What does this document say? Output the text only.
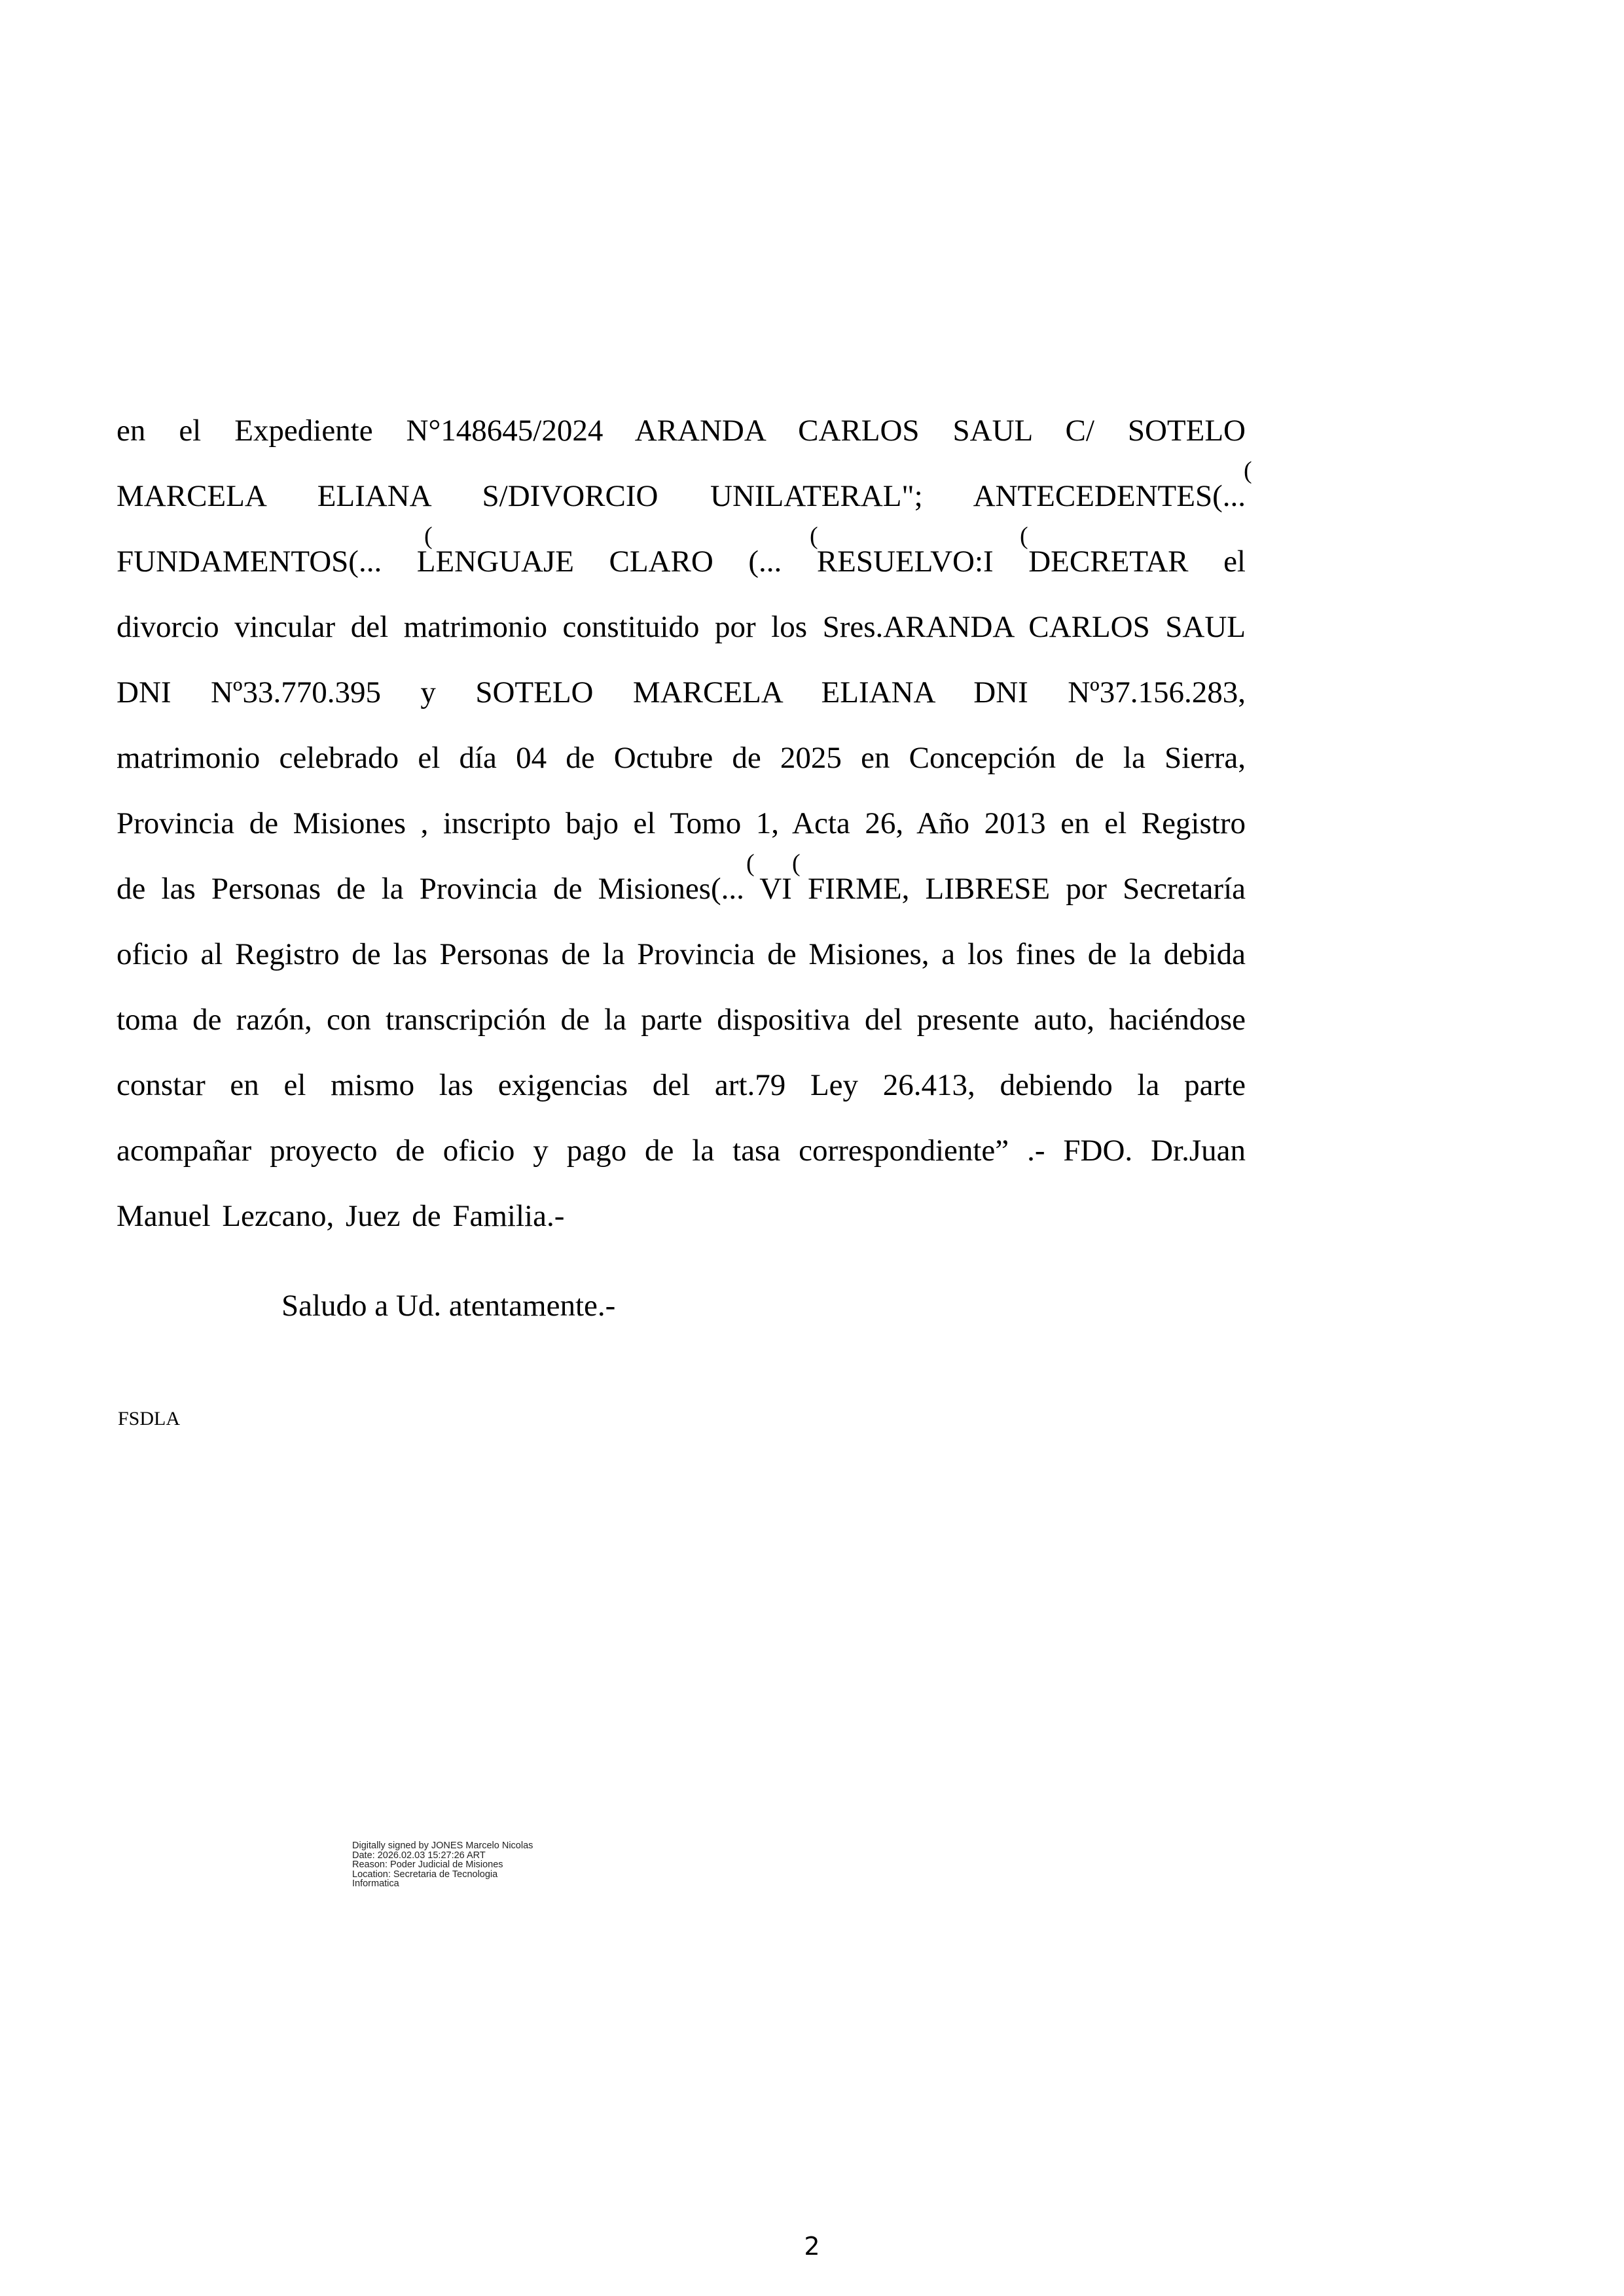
en el Expediente N°148645/2024 ARANDA CARLOS SAUL C/ SOTELO
MARCELA ELIANA S/DIVORCIO UNILATERAL"; ANTECEDENTES(...
FUNDAMENTOS(... LENGUAJE CLARO (... RESUELVO:I DECRETAR el
divorcio vincular del matrimonio constituido por los Sres.ARANDA CARLOS SAUL
DNI Nº33.770.395 y SOTELO MARCELA ELIANA DNI Nº37.156.283,
matrimonio celebrado el día 04 de Octubre de 2025 en Concepción de la Sierra,
Provincia de Misiones , inscripto bajo el Tomo 1, Acta 26, Año 2013 en el Registro
de las Personas de la Provincia de Misiones(... VI FIRME, LIBRESE por Secretaría
oficio al Registro de las Personas de la Provincia de Misiones, a los fines de la debida
toma de razón, con transcripción de la parte dispositiva del presente auto, haciéndose
constar en el mismo las exigencias del art.79 Ley 26.413, debiendo la parte
acompañar proyecto de oficio y pago de la tasa correspondiente” .- FDO. Dr.Juan
Manuel Lezcano, Juez de Familia.-
(
(	(	(
( (
Saludo a Ud. atentamente.-
FSDLA
Digitally signed by JONES Marcelo Nicolas
Date: 2026.02.03 15:27:26 ART
Reason: Poder Judicial de Misiones
Location: Secretaria de Tecnologia
Informatica
2
